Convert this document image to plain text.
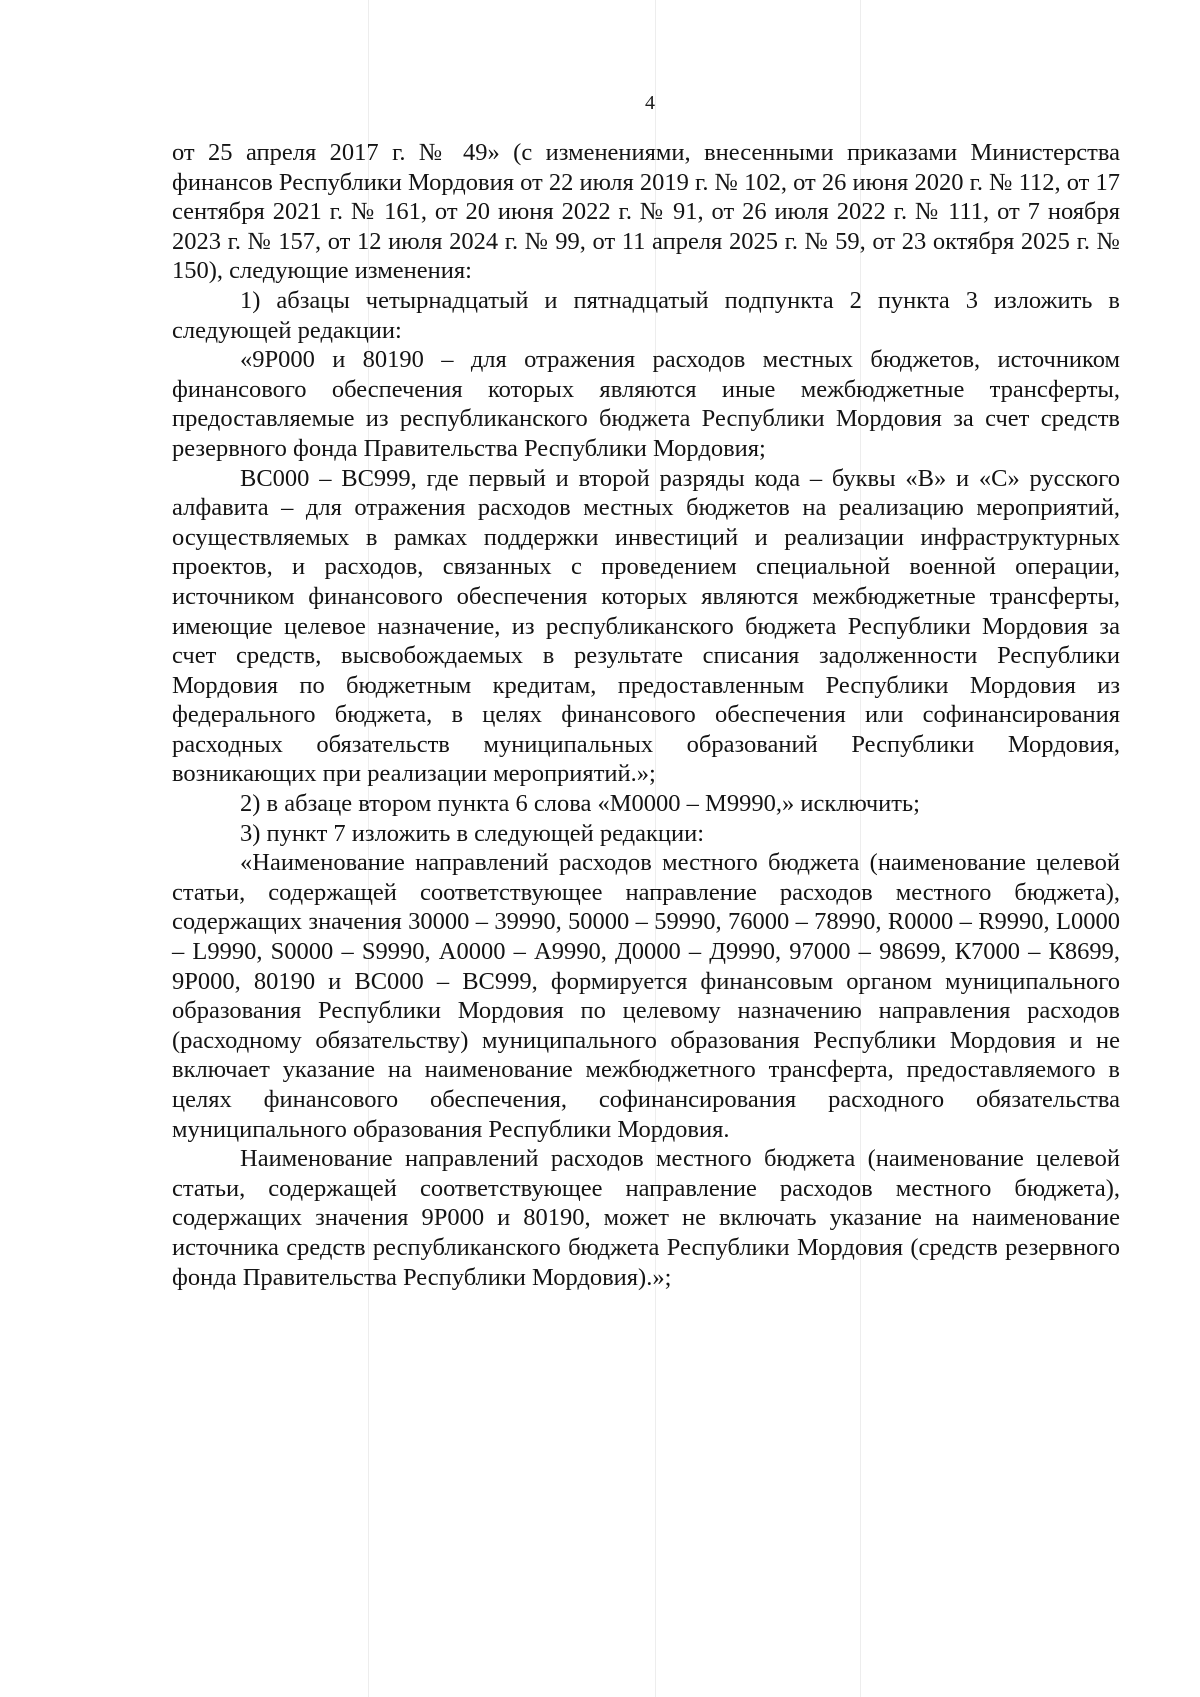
4

от 25 апреля 2017 г. № 49» (с изменениями, внесенными приказами Министерства финансов Республики Мордовия от 22 июля 2019 г. № 102, от 26 июня 2020 г. № 112, от 17 сентября 2021 г. № 161, от 20 июня 2022 г. № 91, от 26 июля 2022 г. № 111, от 7 ноября 2023 г. № 157, от 12 июля 2024 г. № 99, от 11 апреля 2025 г. № 59, от 23 октября 2025 г. № 150), следующие изменения:

1) абзацы четырнадцатый и пятнадцатый подпункта 2 пункта 3 изложить в следующей редакции:

«9Р000 и 80190 – для отражения расходов местных бюджетов, источником финансового обеспечения которых являются иные межбюджетные трансферты, предоставляемые из республиканского бюджета Республики Мордовия за счет средств резервного фонда Правительства Республики Мордовия;

ВС000 – ВС999, где первый и второй разряды кода – буквы «В» и «С» русского алфавита – для отражения расходов местных бюджетов на реализацию мероприятий, осуществляемых в рамках поддержки инвестиций и реализации инфраструктурных проектов, и расходов, связанных с проведением специальной военной операции, источником финансового обеспечения которых являются межбюджетные трансферты, имеющие целевое назначение, из республиканского бюджета Республики Мордовия за счет средств, высвобождаемых в результате списания задолженности Республики Мордовия по бюджетным кредитам, предоставленным Республики Мордовия из федерального бюджета, в целях финансового обеспечения или софинансирования расходных обязательств муниципальных образований Республики Мордовия, возникающих при реализации мероприятий.»;

2) в абзаце втором пункта 6 слова «М0000 – М9990,» исключить;

3) пункт 7 изложить в следующей редакции:

«Наименование направлений расходов местного бюджета (наименование целевой статьи, содержащей соответствующее направление расходов местного бюджета), содержащих значения 30000 – 39990, 50000 – 59990, 76000 – 78990, R0000 – R9990, L0000 – L9990, S0000 – S9990, А0000 – А9990, Д0000 – Д9990, 97000 – 98699, К7000 – К8699, 9Р000, 80190 и ВС000 – ВС999, формируется финансовым органом муниципального образования Республики Мордовия по целевому назначению направления расходов (расходному обязательству) муниципального образования Республики Мордовия и не включает указание на наименование межбюджетного трансферта, предоставляемого в целях финансового обеспечения, софинансирования расходного обязательства муниципального образования Республики Мордовия.

Наименование направлений расходов местного бюджета (наименование целевой статьи, содержащей соответствующее направление расходов местного бюджета), содержащих значения 9Р000 и 80190, может не включать указание на наименование источника средств республиканского бюджета Республики Мордовия (средств резервного фонда Правительства Республики Мордовия).»;
